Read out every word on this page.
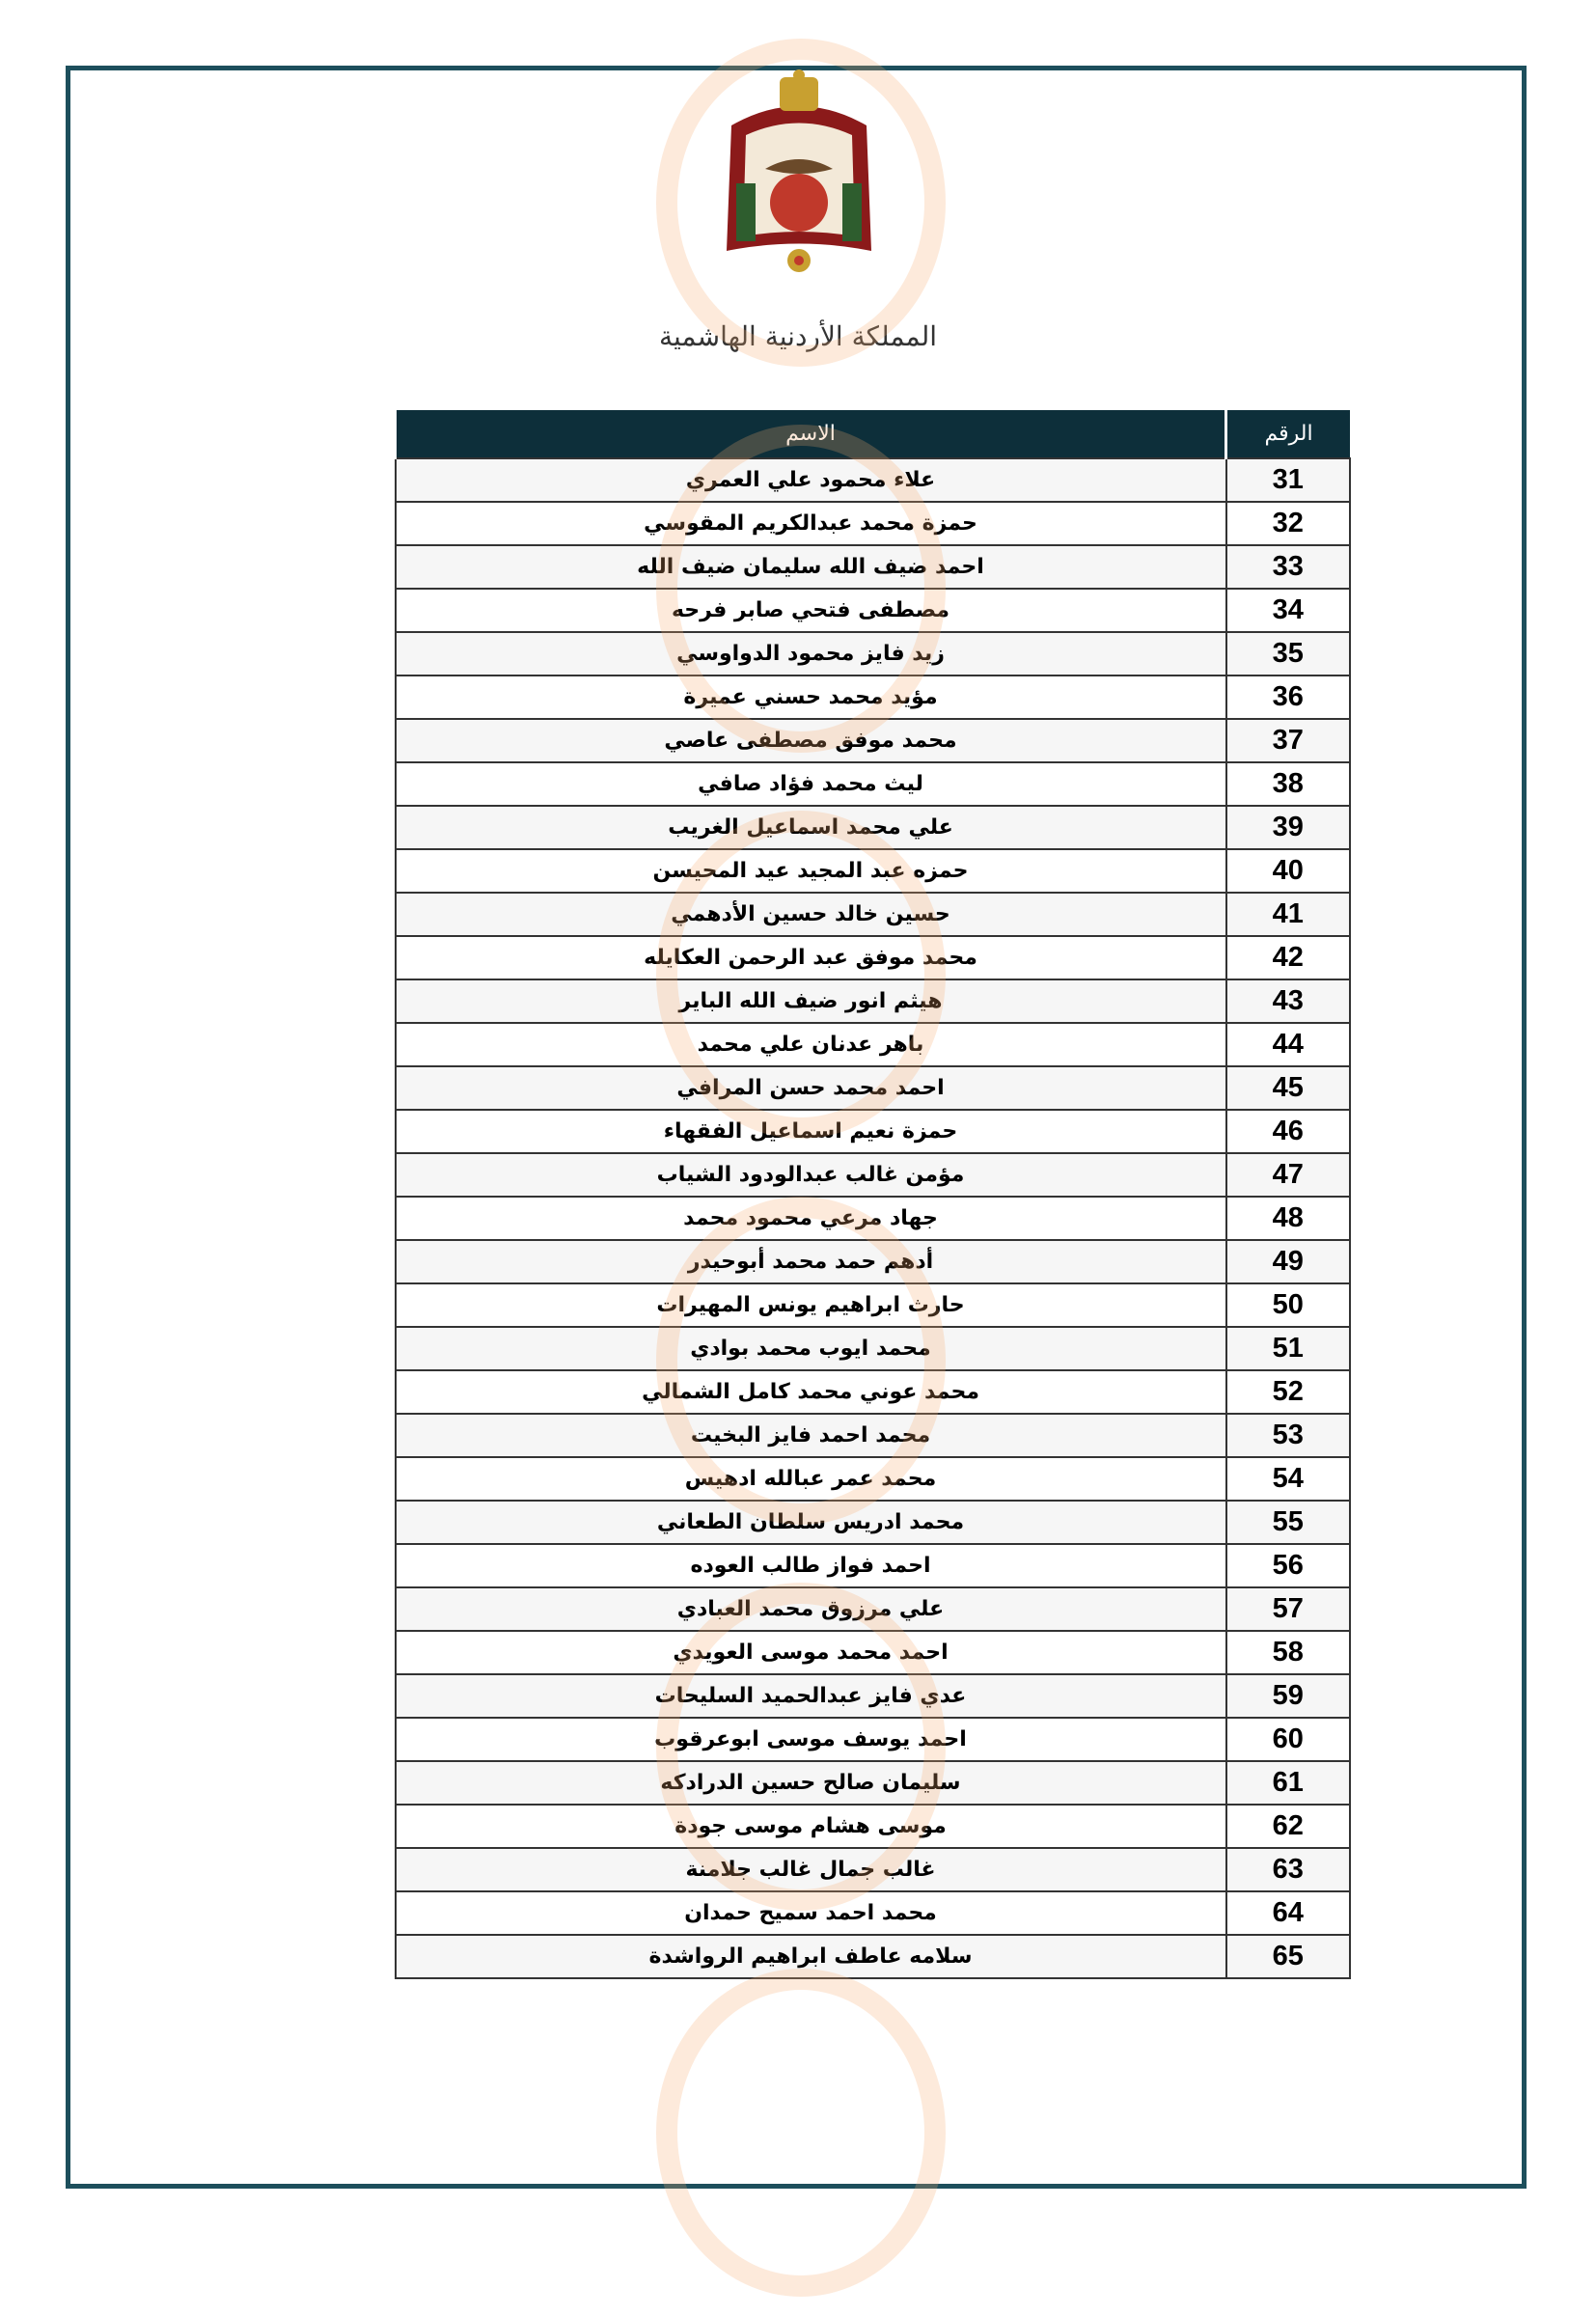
المملكة الأردنية الهاشمية
الرقم	الاسم
31	علاء محمود علي العمري
32	حمزة محمد عبدالكريم المقوسي
33	احمد ضيف الله سليمان ضيف الله
34	مصطفى فتحي صابر فرحه
35	زيد فايز محمود الدواوسي
36	مؤيد محمد حسني عميرة
37	محمد موفق مصطفى عاصي
38	ليث محمد فؤاد صافي
39	علي محمد اسماعيل الغريب
40	حمزه عبد المجيد عيد المحيسن
41	حسين خالد حسين الأدهمي
42	محمد موفق عبد الرحمن العكايله
43	هيثم انور ضيف الله الباير
44	باهر عدنان علي محمد
45	احمد محمد حسن المرافي
46	حمزة نعيم اسماعيل الفقهاء
47	مؤمن غالب عبدالودود الشياب
48	جهاد مرعي محمود محمد
49	أدهم حمد محمد أبوحيدر
50	حارث ابراهيم يونس المهيرات
51	محمد ايوب محمد بوادي
52	محمد عوني محمد كامل الشمالي
53	محمد احمد فايز البخيت
54	محمد عمر عبالله ادهيس
55	محمد ادريس سلطان الطعاني
56	احمد فواز طالب العوده
57	علي مرزوق محمد العبادي
58	احمد محمد موسى العويدي
59	عدي فايز عبدالحميد السليحات
60	احمد يوسف موسى ابوعرقوب
61	سليمان صالح حسين الدرادكه
62	موسى هشام موسى جودة
63	غالب جمال غالب جلامنة
64	محمد احمد سميح حمدان
65	سلامه عاطف ابراهيم الرواشدة
